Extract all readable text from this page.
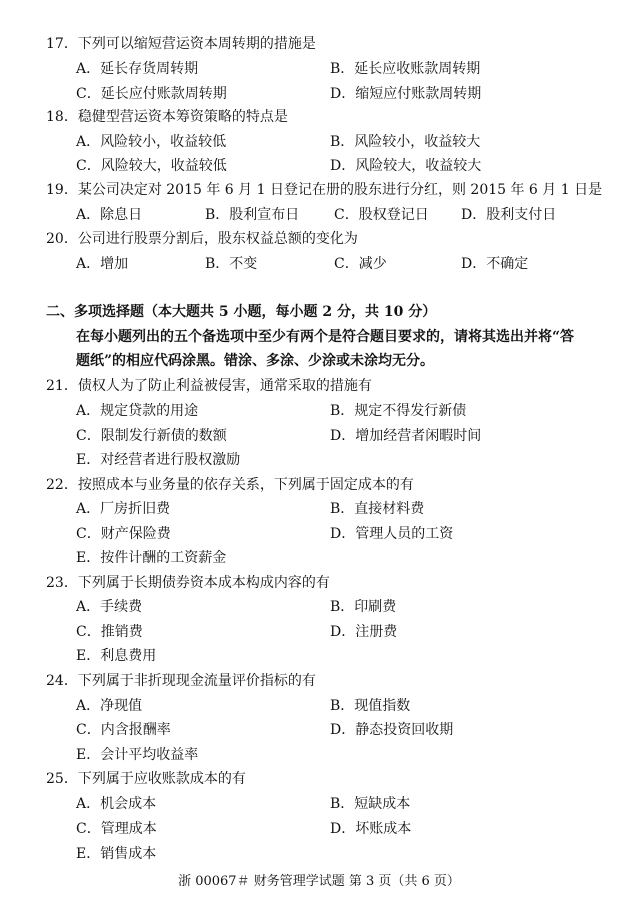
17．下列可以缩短营运资本周转期的措施是
A．延长存货周转期	B．延长应收账款周转期
C．延长应付账款周转期	D．缩短应付账款周转期
18．稳健型营运资本筹资策略的特点是
A．风险较小，收益较低	B．风险较小，收益较大
C．风险较大，收益较低	D．风险较大，收益较大
19．某公司决定对 2015 年 6 月 1 日登记在册的股东进行分红，则 2015 年 6 月 1 日是
A．除息日	B．股利宣布日 C．股权登记日 D．股利支付日
20．公司进行股票分割后，股东权益总额的变化为
A．增加	B．不变	C．减少	D．不确定
二、多项选择题（本大题共 5 小题，每小题 2 分，共 10 分）
在每小题列出的五个备选项中至少有两个是符合题目要求的，请将其选出并将“答
题纸”的相应代码涂黑。错涂、多涂、少涂或未涂均无分。
21．债权人为了防止利益被侵害，通常采取的措施有
A．规定贷款的用途	B．规定不得发行新债
C．限制发行新债的数额	D．增加经营者闲暇时间
E．对经营者进行股权激励
22．按照成本与业务量的依存关系，下列属于固定成本的有
A．厂房折旧费	B．直接材料费
C．财产保险费	D．管理人员的工资
E．按件计酬的工资薪金
23．下列属于长期债券资本成本构成内容的有
A．手续费	B．印刷费
C．推销费	D．注册费
E．利息费用
24．下列属于非折现现金流量评价指标的有
A．净现值	B．现值指数
C．内含报酬率	D．静态投资回收期
E．会计平均收益率
25．下列属于应收账款成本的有
A．机会成本	B．短缺成本
C．管理成本	D．坏账成本
E．销售成本
浙 00067＃ 财务管理学试题 第 3 页（共 6 页）
